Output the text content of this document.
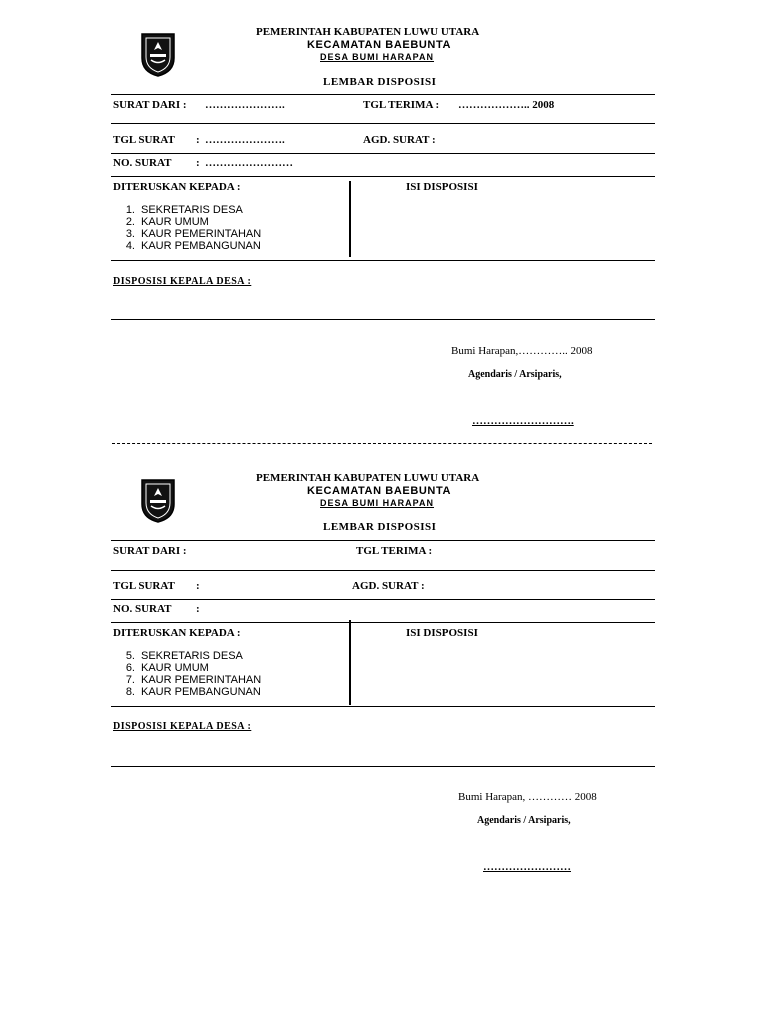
PEMERINTAH KABUPATEN LUWU UTARA
KECAMATAN BAEBUNTA
DESA BUMI HARAPAN
LEMBAR DISPOSISI
SURAT DARI : ………………….	TGL TERIMA : ……………….. 2008
TGL SURAT : ………………….	AGD. SURAT :
NO. SURAT : ……………………
DITERUSKAN KEPADA :
1. SEKRETARIS DESA
2. KAUR UMUM
3. KAUR PEMERINTAHAN
4. KAUR PEMBANGUNAN
ISI DISPOSISI
DISPOSISI KEPALA DESA :
Bumi Harapan,………….. 2008
Agendaris / Arsiparis,
……………………….
PEMERINTAH KABUPATEN LUWU UTARA
KECAMATAN BAEBUNTA
DESA BUMI HARAPAN
LEMBAR DISPOSISI
SURAT DARI :	TGL TERIMA :
TGL SURAT :	AGD. SURAT :
NO. SURAT :
DITERUSKAN KEPADA :
5. SEKRETARIS DESA
6. KAUR UMUM
7. KAUR PEMERINTAHAN
8. KAUR PEMBANGUNAN
ISI DISPOSISI
DISPOSISI KEPALA DESA :
Bumi Harapan, ………… 2008
Agendaris / Arsiparis,
……………………
